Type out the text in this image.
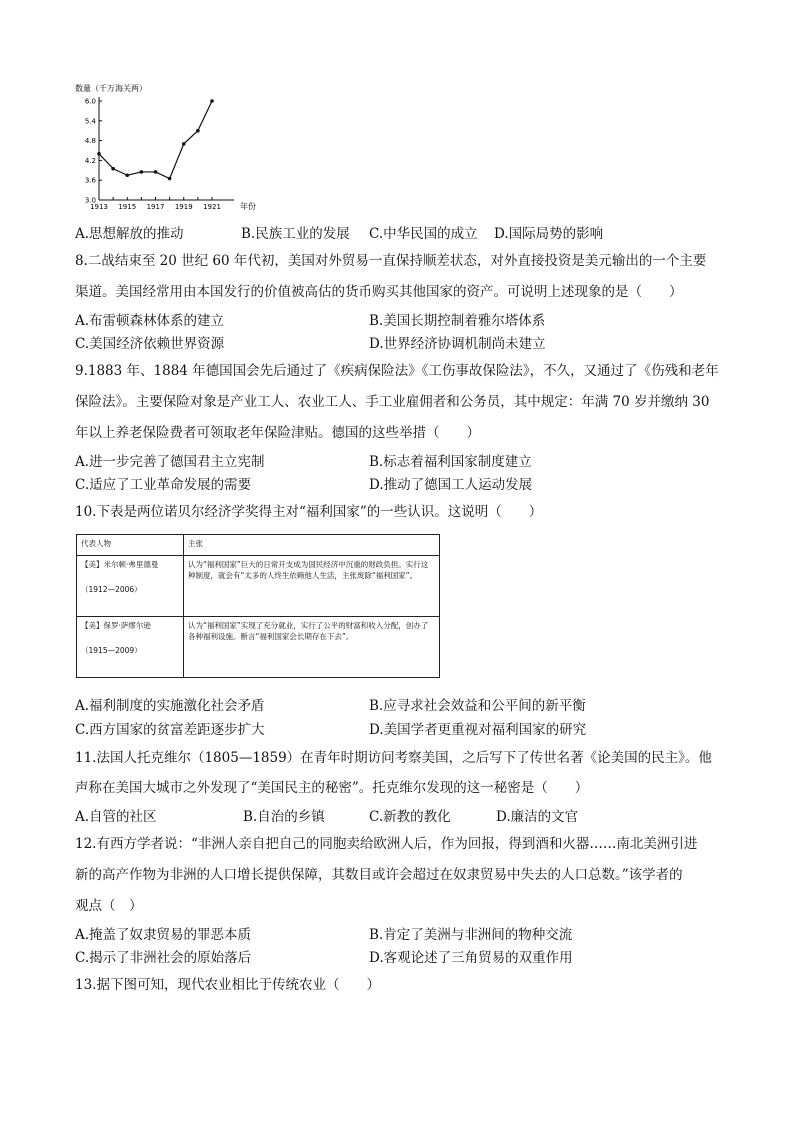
数量（千万海关两）
年份
3.0
3.6
4.2
4.8
5.4
6.0
1913 1915 1917 1919 1921
A.思想解放的推动	B.民族工业的发展 C.中华民国的成立 D.国际局势的影响
8.二战结束至 20 世纪 60 年代初，美国对外贸易一直保持顺差状态，对外直接投资是美元输出的一个主要
渠道。美国经常用由本国发行的价值被高估的货币购买其他国家的资产。可说明上述现象的是（　　）
A.布雷顿森林体系的建立	B.美国长期控制着雅尔塔体系
C.美国经济依赖世界资源	D.世界经济协调机制尚未建立
9.1883 年、1884 年德国国会先后通过了《疾病保险法》《工伤事故保险法》，不久，又通过了《伤残和老年
保险法》。主要保险对象是产业工人、农业工人、手工业雇佣者和公务员，其中规定：年满 70 岁并缴纳 30
年以上养老保险费者可领取老年保险津贴。德国的这些举措（　　）
A.进一步完善了德国君主立宪制	B.标志着福利国家制度建立
C.适应了工业革命发展的需要	D.推动了德国工人运动发展
10.下表是两位诺贝尔经济学奖得主对“福利国家”的一些认识。这说明（　　）
代表人物	主张

【美】米尔顿·弗里德曼
（1912—2006）	认为“福利国家”巨大的日常开支成为国民经济中沉重的财政负担。实行这种制度，就会有“太多的人终生依赖他人生活，主张废除“福利国家”。

【美】保罗·萨缪尔逊
（1915—2009）	认为“福利国家”实现了充分就业，实行了公平的财富和收入分配，创办了各种福利设施。断言“福利国家会长期存在下去”。
A.福利制度的实施激化社会矛盾	B.应寻求社会效益和公平间的新平衡
C.西方国家的贫富差距逐步扩大	D.美国学者更重视对福利国家的研究
11.法国人托克维尔（1805—1859）在青年时期访问考察美国，之后写下了传世名著《论美国的民主》。他
声称在美国大城市之外发现了“美国民主的秘密”。托克维尔发现的这一秘密是（　　）
A.自管的社区	B.自治的乡镇	C.新教的教化	D.廉洁的文官
12.有西方学者说：“非洲人亲自把自己的同胞卖给欧洲人后，作为回报，得到酒和火器……南北美洲引进
新的高产作物为非洲的人口增长提供保障，其数目或许会超过在奴隶贸易中失去的人口总数。”该学者的
观点（　）
A.掩盖了奴隶贸易的罪恶本质	B.肯定了美洲与非洲间的物种交流
C.揭示了非洲社会的原始落后	D.客观论述了三角贸易的双重作用
13.据下图可知，现代农业相比于传统农业（　　）
